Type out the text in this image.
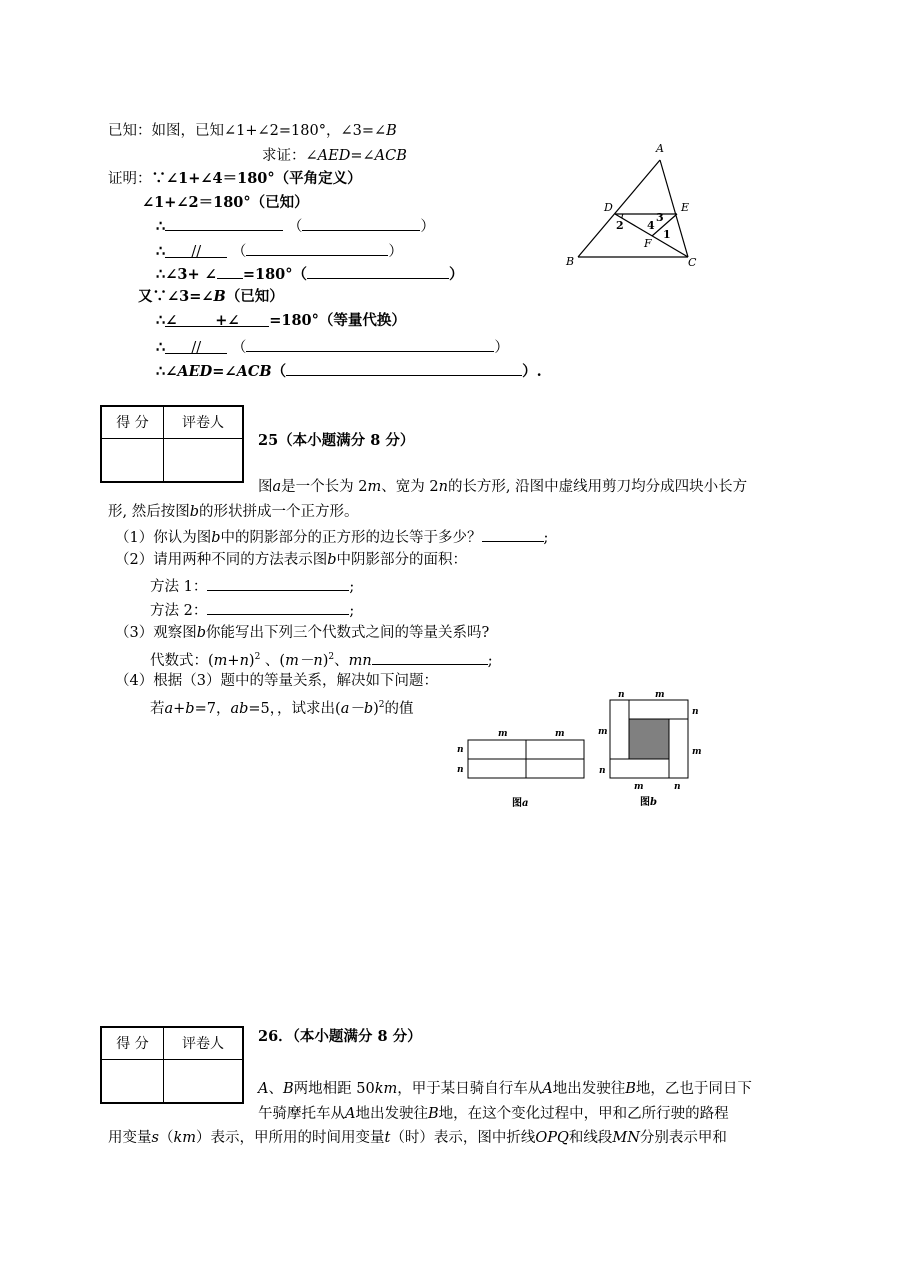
已知：如图，已知∠1+∠2=180°，∠3=∠B
求证：∠AED=∠ACB
证明：∵∠1+∠4＝180°（平角定义）
∠1+∠2＝180°（已知）
∴	（	）
∴ // （	）
∴∠3+ ∠ =180°（	）
又∵∠3=∠B（已知）
∴∠	+∠ =180°（等量代换）
∴ // （	）
∴∠AED=∠ACB（	）.
A
B	C
D	E
F
2
3
4
1
得 分	评卷人

25（本小题满分 8 分）
图a是一个长为 2m、宽为 2n的长方形, 沿图中虚线用剪刀均分成四块小长方
形, 然后按图b的形状拼成一个正方形。
（1）你认为图b中的阴影部分的正方形的边长等于多少？	;
（2）请用两种不同的方法表示图b中阴影部分的面积：
方法 1：	;
方法 2：	;
（3）观察图b你能写出下列三个代数式之间的等量关系吗?
代数式：$(m+n)^2$ 、$(m-n)^2$、mn	;
（4）根据（3）题中的等量关系，解决如下问题：
若a+b=7，ab=5，，试求出$(a-b)^2$的值
m	m
n
n
图a
n	m
n
m
m
n
m	n
图b
得 分	评卷人
	26．（本小题满分 8 分）
A、B两地相距 50km，甲于某日骑自行车从A地出发驶往B地，乙也于同日下
午骑摩托车从A地出发驶往B地，在这个变化过程中，甲和乙所行驶的路程
用变量s（km）表示，甲所用的时间用变量t（时）表示，图中折线OPQ和线段MN分别表示甲和
